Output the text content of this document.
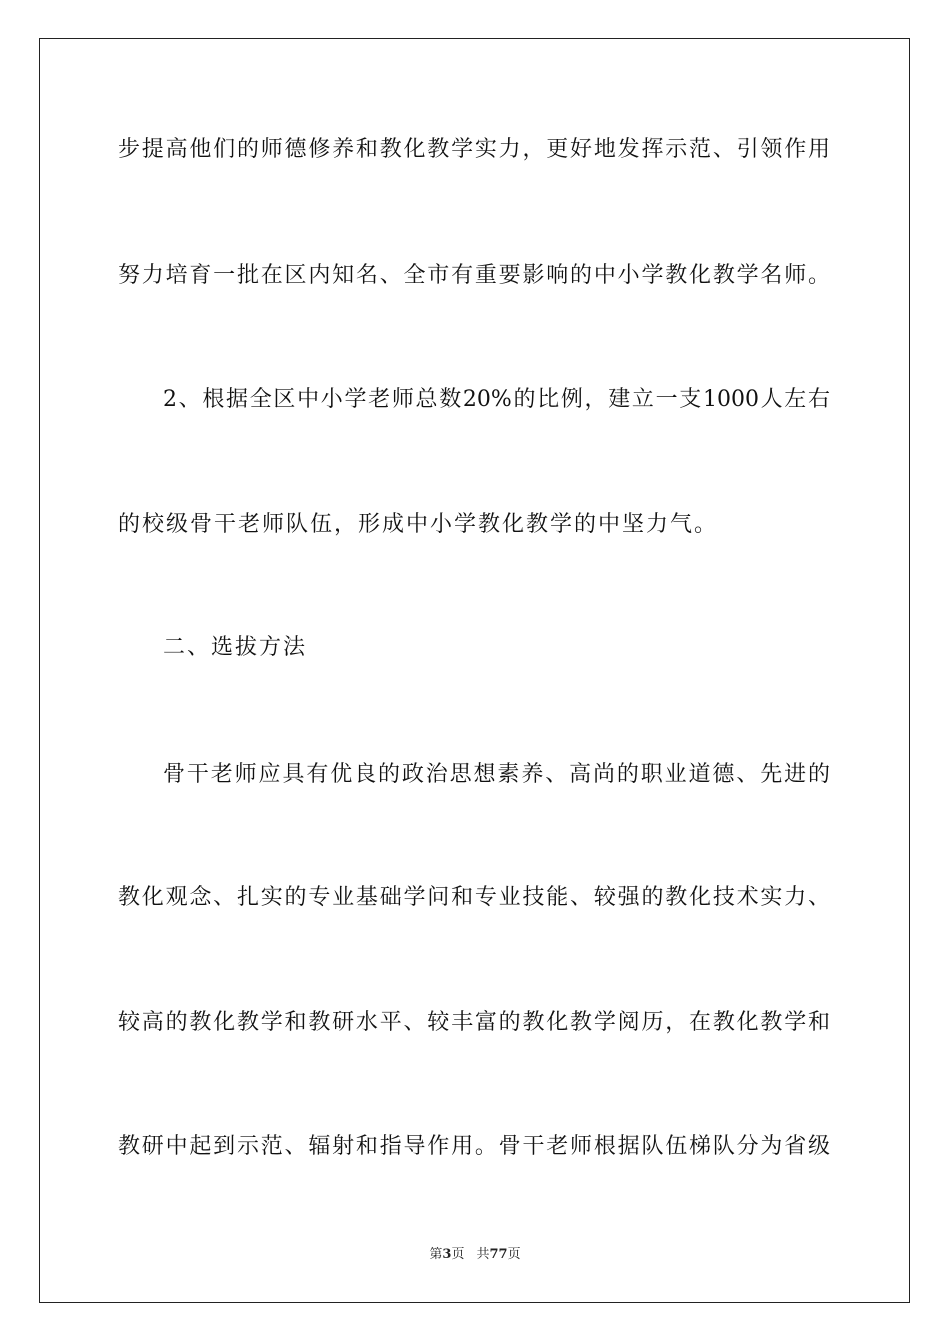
步提高他们的师德修养和教化教学实力，更好地发挥示范、引领作用
努力培育一批在区内知名、全市有重要影响的中小学教化教学名师。
2、根据全区中小学老师总数20%的比例，建立一支1000人左右
的校级骨干老师队伍，形成中小学教化教学的中坚力气。
二、选拔方法
骨干老师应具有优良的政治思想素养、高尚的职业道德、先进的
教化观念、扎实的专业基础学问和专业技能、较强的教化技术实力、
较高的教化教学和教研水平、较丰富的教化教学阅历，在教化教学和
教研中起到示范、辐射和指导作用。骨干老师根据队伍梯队分为省级
第3页 共77页
